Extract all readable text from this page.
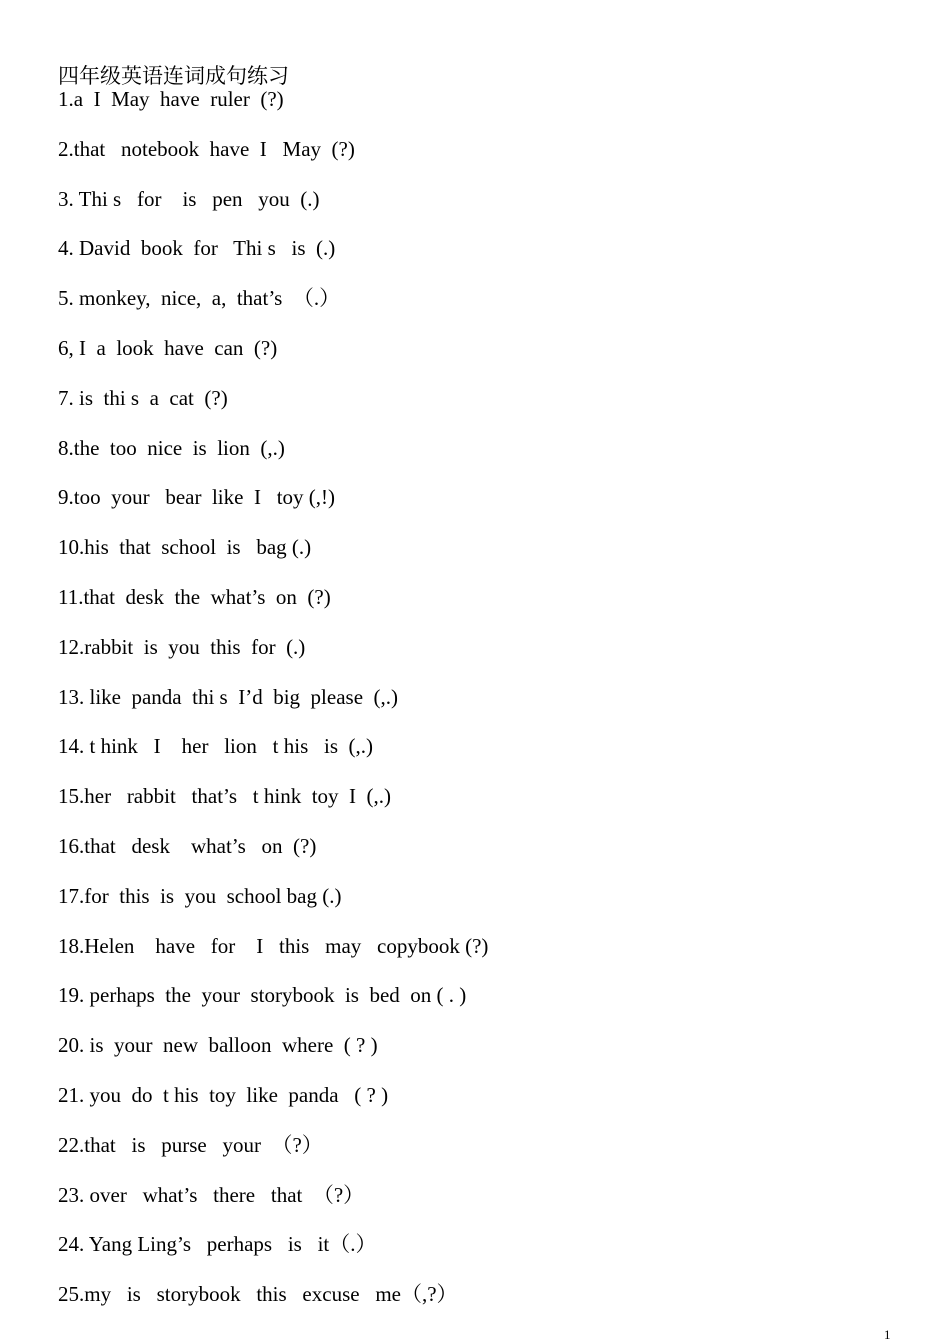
四年级英语连词成句练习
1.a  I  May  have  ruler  (?)
2.that   notebook  have  I   May  (?)
3. Thi s   for    is   pen   you  (.)
4. David  book  for   Thi s   is  (.)
5. monkey,  nice,  a,  that’s  （.）
6, I  a  look  have  can  (?)
7. is  thi s  a  cat  (?)
8.the  too  nice  is  lion  (,.)
9.too  your   bear  like  I   toy (,!)
10.his  that  school  is   bag (.)
11.that  desk  the  what’s  on  (?)
12.rabbit  is  you  this  for  (.)
13. like  panda  thi s  I’d  big  please  (,.)
14. t hink   I    her   lion   t his   is  (,.)
15.her   rabbit   that’s   t hink  toy  I  (,.)
16.that   desk    what’s   on  (?)
17.for  this  is  you  school bag (.)
18.Helen    have   for    I   this   may   copybook (?)
19. perhaps  the  your  storybook  is  bed  on ( . )
20. is  your  new  balloon  where  ( ? )
21. you  do  t his  toy  like  panda   ( ? )
22.that   is   purse   your  （?）
23. over   what’s   there   that  （?）
24. Yang Ling’s   perhaps   is   it（.）
25.my   is   storybook   this   excuse   me（,?）
1
